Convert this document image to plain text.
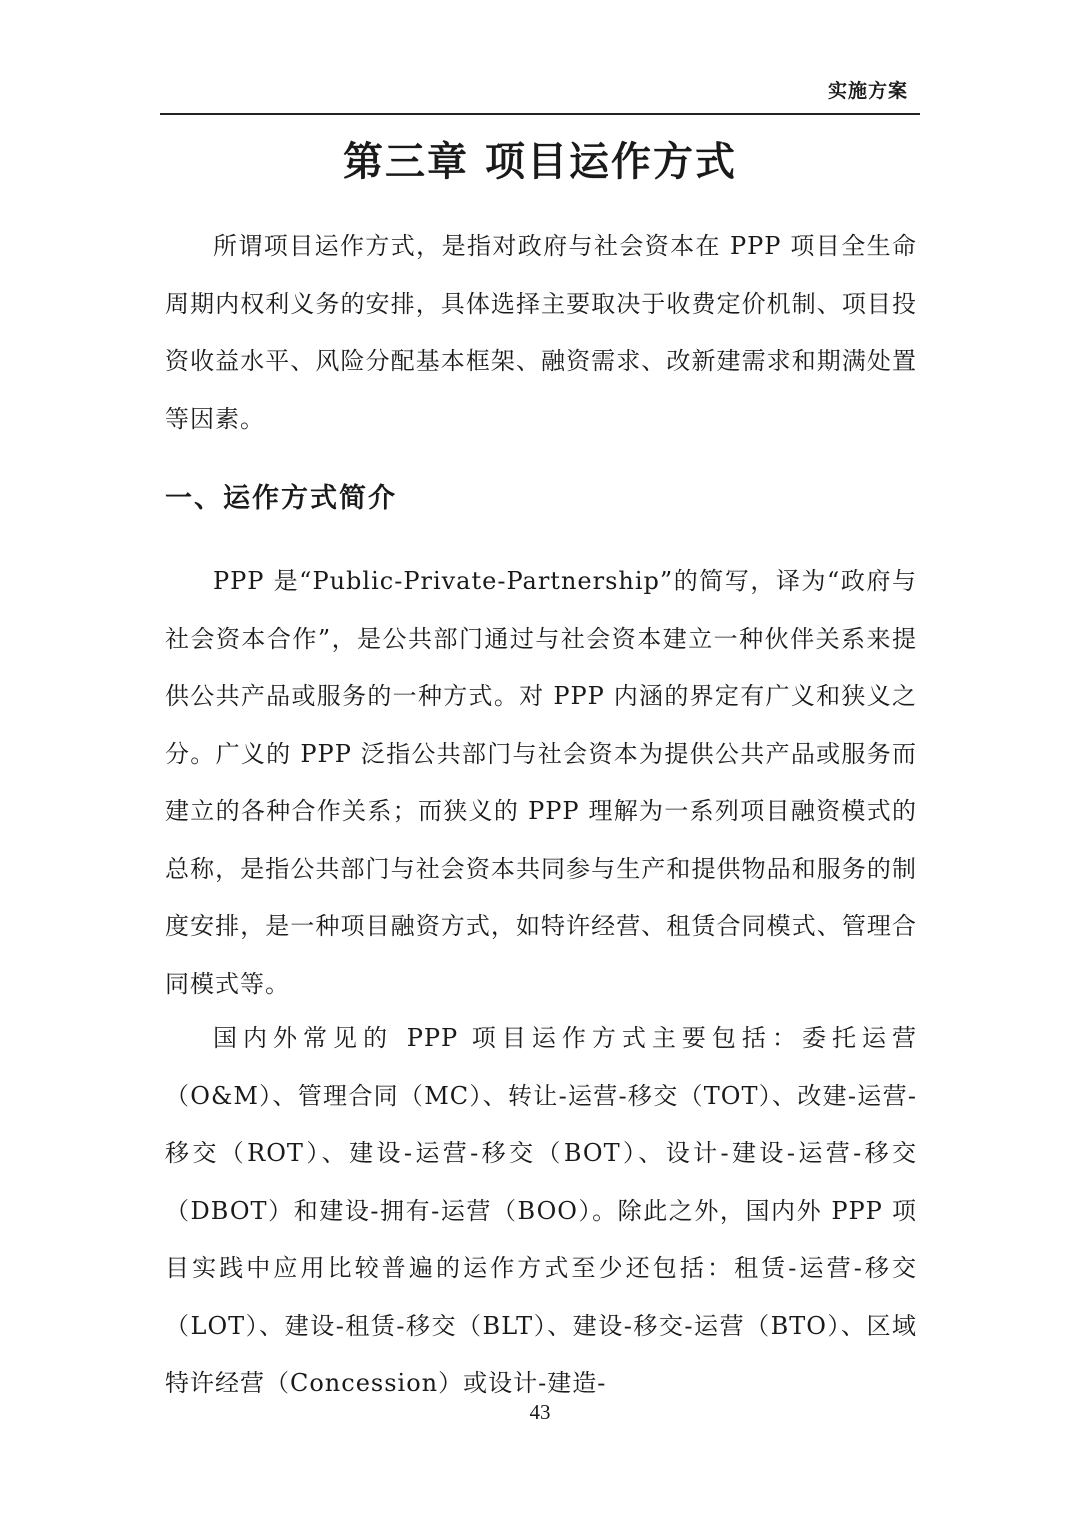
实施方案
第三章 项目运作方式

所谓项目运作方式，是指对政府与社会资本在 PPP 项目全生命周期内权利义务的安排，具体选择主要取决于收费定价机制、项目投资收益水平、风险分配基本框架、融资需求、改新建需求和期满处置等因素。

一、运作方式简介

PPP 是“Public-Private-Partnership”的简写，译为“政府与社会资本合作”，是公共部门通过与社会资本建立一种伙伴关系来提供公共产品或服务的一种方式。对 PPP 内涵的界定有广义和狭义之分。广义的 PPP 泛指公共部门与社会资本为提供公共产品或服务而建立的各种合作关系；而狭义的 PPP 理解为一系列项目融资模式的总称，是指公共部门与社会资本共同参与生产和提供物品和服务的制度安排，是一种项目融资方式，如特许经营、租赁合同模式、管理合同模式等。

国内外常见的 PPP 项目运作方式主要包括：委托运营（O&M）、管理合同（MC）、转让-运营-移交（TOT）、改建-运营-移交（ROT）、建设-运营-移交（BOT）、设计-建设-运营-移交（DBOT）和建设-拥有-运营（BOO）。除此之外，国内外 PPP 项目实践中应用比较普遍的运作方式至少还包括：租赁-运营-移交（LOT）、建设-租赁-移交（BLT）、建设-移交-运营（BTO）、区域特许经营（Concession）或设计-建造-

43
